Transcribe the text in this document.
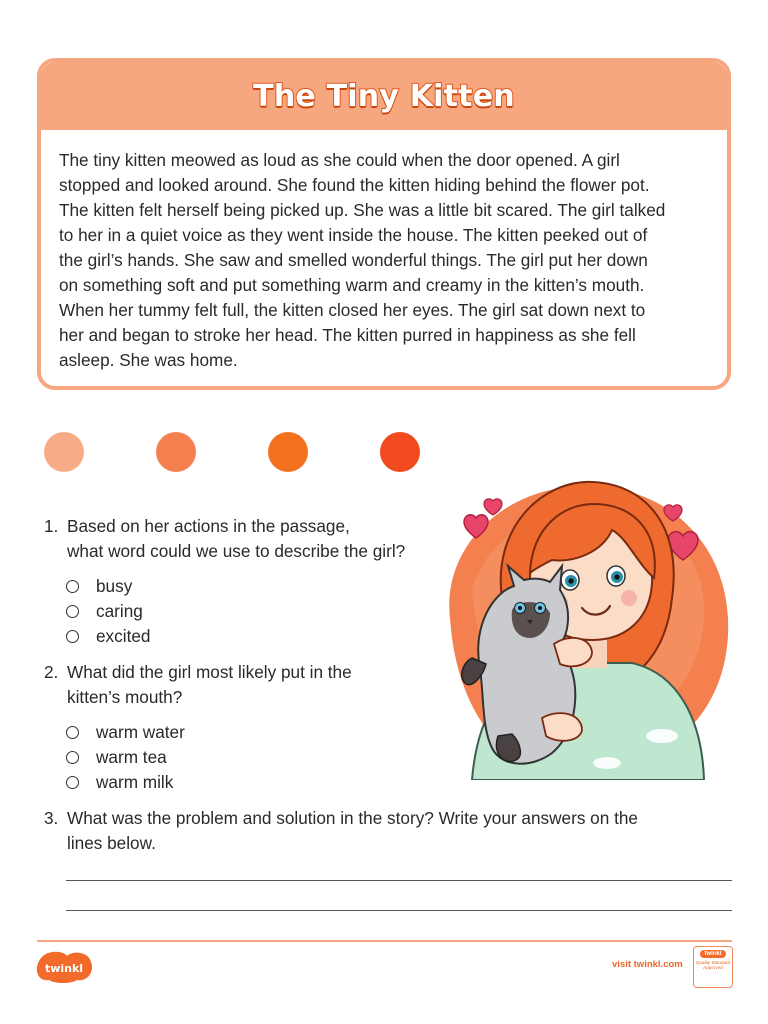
The Tiny Kitten
The tiny kitten meowed as loud as she could when the door opened. A girl
stopped and looked around. She found the kitten hiding behind the flower pot.
The kitten felt herself being picked up. She was a little bit scared. The girl talked
to her in a quiet voice as they went inside the house. The kitten peeked out of
the girl’s hands. She saw and smelled wonderful things. The girl put her down
on something soft and put something warm and creamy in the kitten’s mouth.
When her tummy felt full, the kitten closed her eyes. The girl sat down next to
her and began to stroke her head. The kitten purred in happiness as she fell
asleep. She was home.
1. Based on her actions in the passage,
what word could we use to describe the girl?
busy
caring
excited
2. What did the girl most likely put in the
kitten’s mouth?
warm water
warm tea
warm milk
3. What was the problem and solution in the story? Write your answers on the
lines below.
twinkl	visit twinkl.com
twinkl
Quality Standard Approved
